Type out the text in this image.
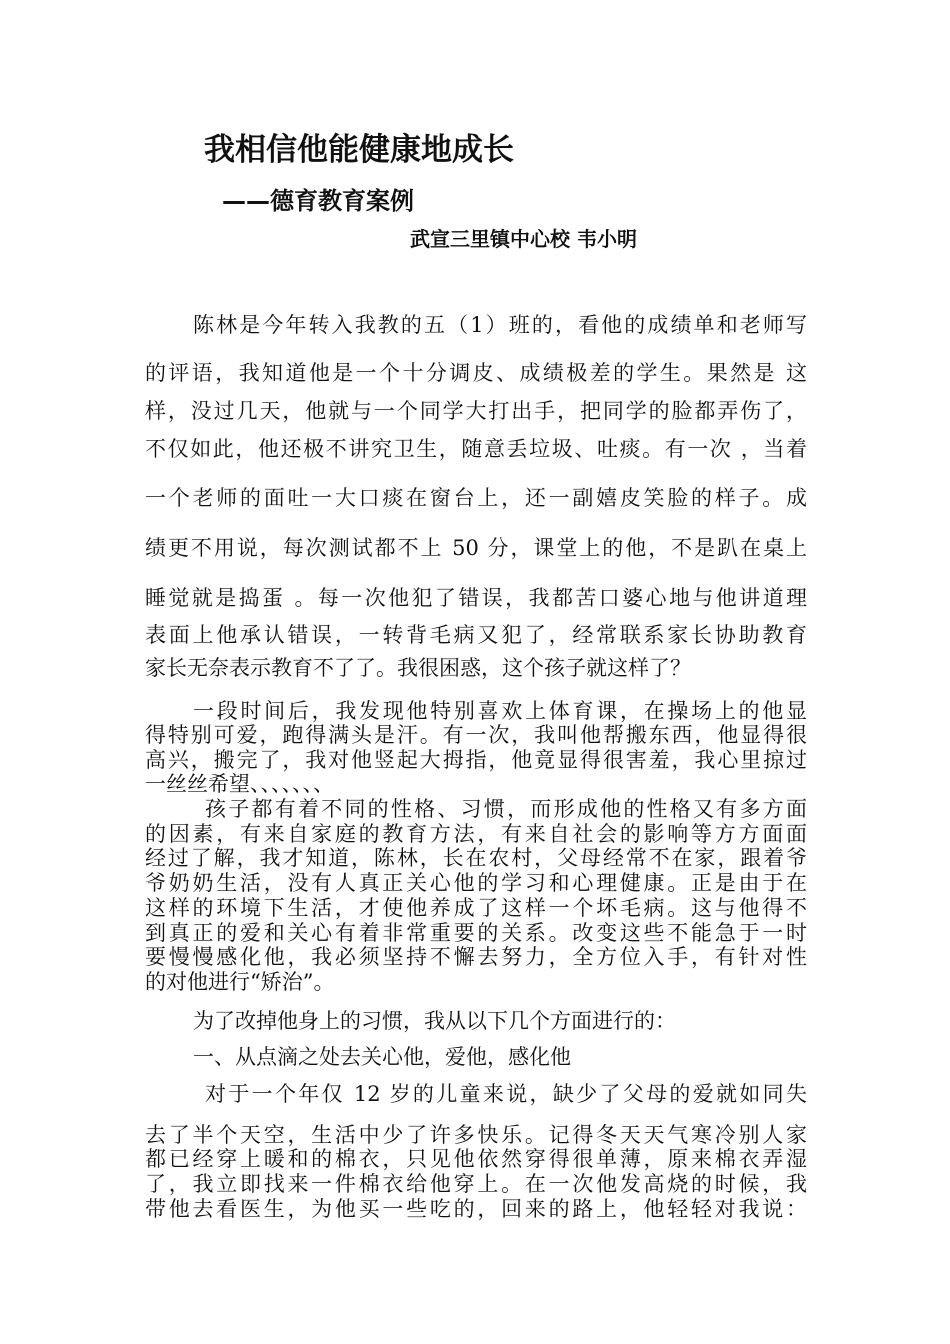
我相信他能健康地成长
——德育教育案例
武宣三里镇中心校 韦小明
陈林是今年转入我教的五（1）班的，看他的成绩单和老师写
的评语，我知道他是一个十分调皮、成绩极差的学生。果然是 这
样，没过几天，他就与一个同学大打出手，把同学的脸都弄伤了，
不仅如此，他还极不讲究卫生，随意丢垃圾、吐痰。有一次 ，当着
一个老师的面吐一大口痰在窗台上，还一副嬉皮笑脸的样子。成
绩更不用说，每次测试都不上 50 分，课堂上的他，不是趴在桌上
睡觉就是捣蛋 。每一次他犯了错误，我都苦口婆心地与他讲道理
表面上他承认错误，一转背毛病又犯了，经常联系家长协助教育
家长无奈表示教育不了了。我很困惑，这个孩子就这样了？
一段时间后，我发现他特别喜欢上体育课，在操场上的他显
得特别可爱，跑得满头是汗。有一次，我叫他帮搬东西，他显得很
高兴，搬完了，我对他竖起大拇指，他竟显得很害羞，我心里掠过
一丝丝希望、、、、、、、
孩子都有着不同的性格、习惯，而形成他的性格又有多方面
的因素，有来自家庭的教育方法，有来自社会的影响等方方面面
经过了解，我才知道，陈林，长在农村，父母经常不在家，跟着爷
爷奶奶生活，没有人真正关心他的学习和心理健康。正是由于在
这样的环境下生活，才使他养成了这样一个坏毛病。这与他得不
到真正的爱和关心有着非常重要的关系。改变这些不能急于一时
要慢慢感化他，我必须坚持不懈去努力，全方位入手，有针对性
的对他进行“矫治”。
为了改掉他身上的习惯，我从以下几个方面进行的：
一、从点滴之处去关心他，爱他，感化他
对于一个年仅 12 岁的儿童来说，缺少了父母的爱就如同失
去了半个天空，生活中少了许多快乐。记得冬天天气寒冷别人家
都已经穿上暖和的棉衣，只见他依然穿得很单薄，原来棉衣弄湿
了，我立即找来一件棉衣给他穿上。在一次他发高烧的时候，我
带他去看医生，为他买一些吃的，回来的路上，他轻轻对我说：
